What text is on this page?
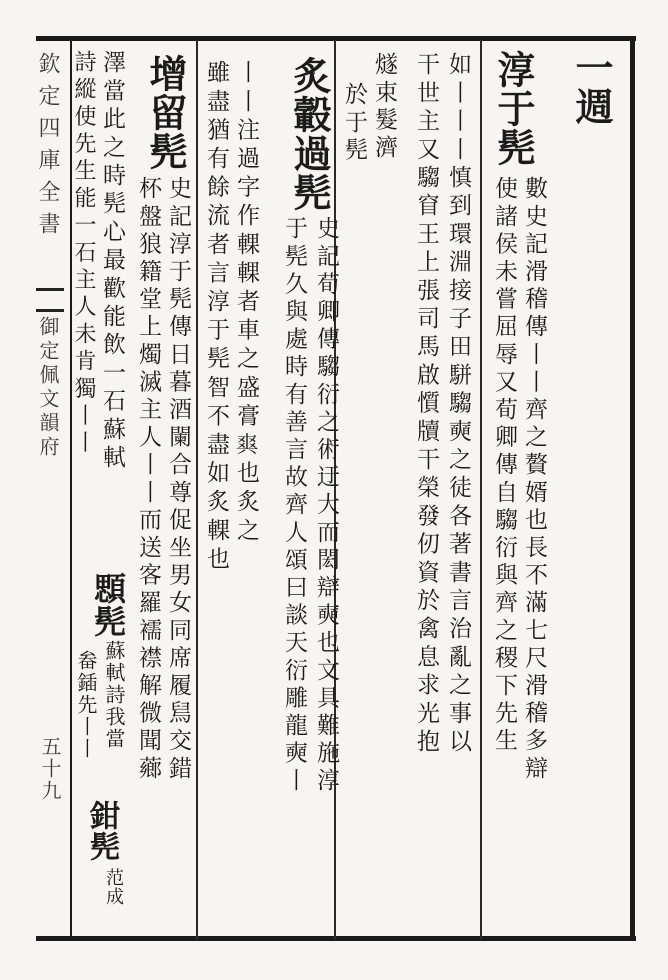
一週
淳于髡
數史記滑稽傳丨丨齊之贅婿也長不滿七尺滑稽多辯
使諸侯未嘗屈辱又荀卿傳自騶衍與齊之稷下先生
如丨丨丨慎到環淵接子田駢騶奭之徒各著書言治亂之事以
干世主又騶窅王上張司馬啟懫牘干榮發仞資於禽息求光抱
燧束髮濟
於于髡
炙轂過髡
史記荀卿傳騶衍之術迂大而閎辯奭也文具難施淳
于髡久與處時有善言故齊人頌曰談天衍雕龍奭丨
丨丨注過字作輠輠者車之盛膏𤕤也炙之
雖盡猶有餘流者言淳于髡智不盡如炙輠也
增留髡
史記淳于髡傳日暮酒闌合尊促坐男女同席履舃交錯
杯盤狼籍堂上燭滅主人丨丨而送客羅襦襟解微聞薌
澤當此之時髡心最歡能飲一石蘇軾
詩縱使先生能一石主人未肯獨丨丨
顋髡
蘇軾詩我當
畚鍤先丨丨
鉗髡
范成
欽定四庫全書
御定佩文韻府
五十九
